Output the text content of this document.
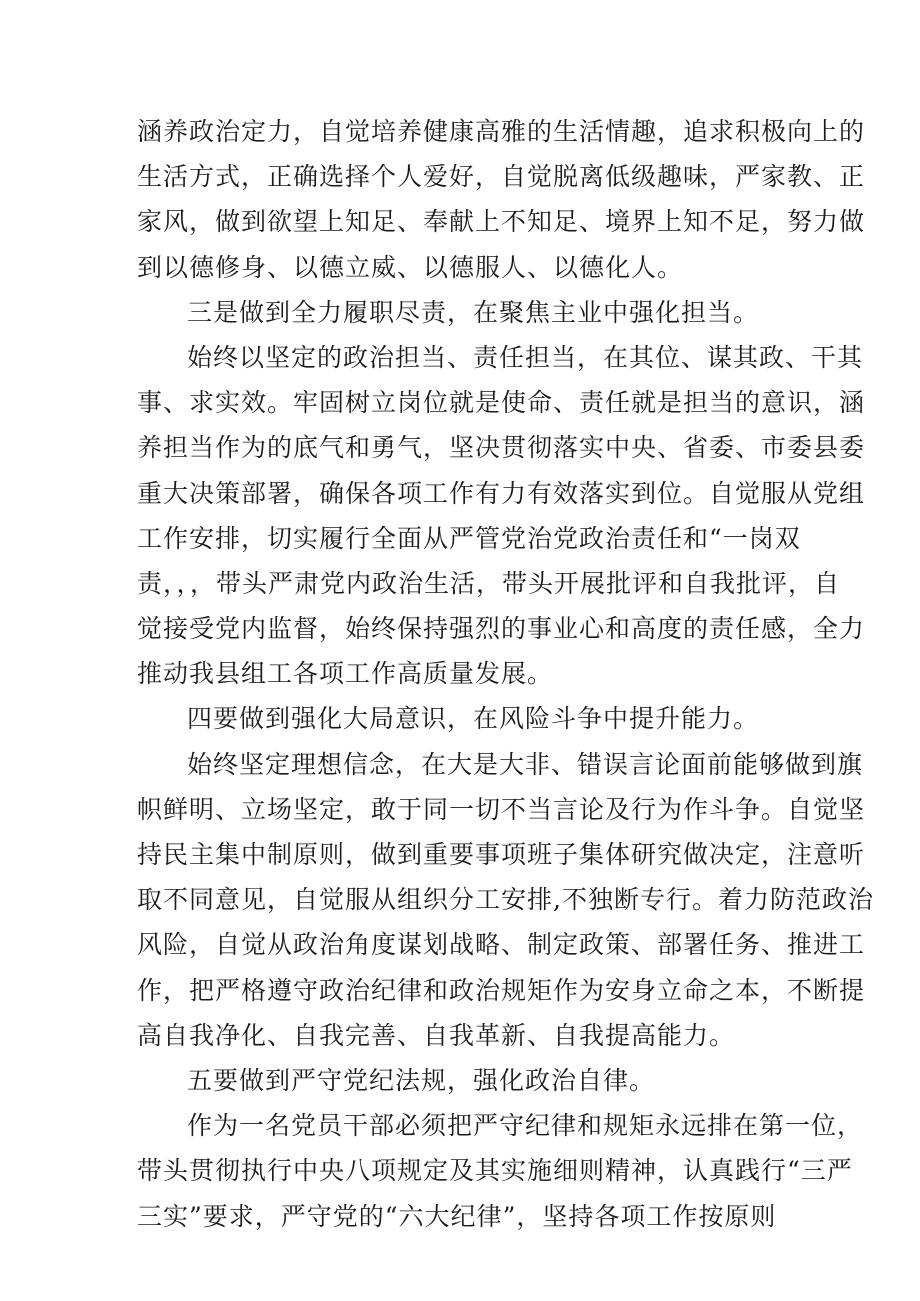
涵养政治定力，自觉培养健康高雅的生活情趣，追求积极向上的
生活方式，正确选择个人爱好，自觉脱离低级趣味，严家教、正
家风，做到欲望上知足、奉献上不知足、境界上知不足，努力做
到以德修身、以德立威、以德服人、以德化人。
三是做到全力履职尽责，在聚焦主业中强化担当。
始终以坚定的政治担当、责任担当，在其位、谋其政、干其
事、求实效。牢固树立岗位就是使命、责任就是担当的意识，涵
养担当作为的底气和勇气，坚决贯彻落实中央、省委、市委县委
重大决策部署，确保各项工作有力有效落实到位。自觉服从党组
工作安排，切实履行全面从严管党治党政治责任和“一岗双
责，，，带头严肃党内政治生活，带头开展批评和自我批评，自
觉接受党内监督，始终保持强烈的事业心和高度的责任感，全力
推动我县组工各项工作高质量发展。
四要做到强化大局意识，在风险斗争中提升能力。
始终坚定理想信念，在大是大非、错误言论面前能够做到旗
帜鲜明、立场坚定，敢于同一切不当言论及行为作斗争。自觉坚
持民主集中制原则，做到重要事项班子集体研究做决定，注意听
取不同意见，自觉服从组织分工安排,不独断专行。着力防范政治
风险，自觉从政治角度谋划战略、制定政策、部署任务、推进工
作，把严格遵守政治纪律和政治规矩作为安身立命之本，不断提
高自我净化、自我完善、自我革新、自我提高能力。
五要做到严守党纪法规，强化政治自律。
作为一名党员干部必须把严守纪律和规矩永远排在第一位，
带头贯彻执行中央八项规定及其实施细则精神，认真践行“三严
三实”要求，严守党的“六大纪律”，坚持各项工作按原则
